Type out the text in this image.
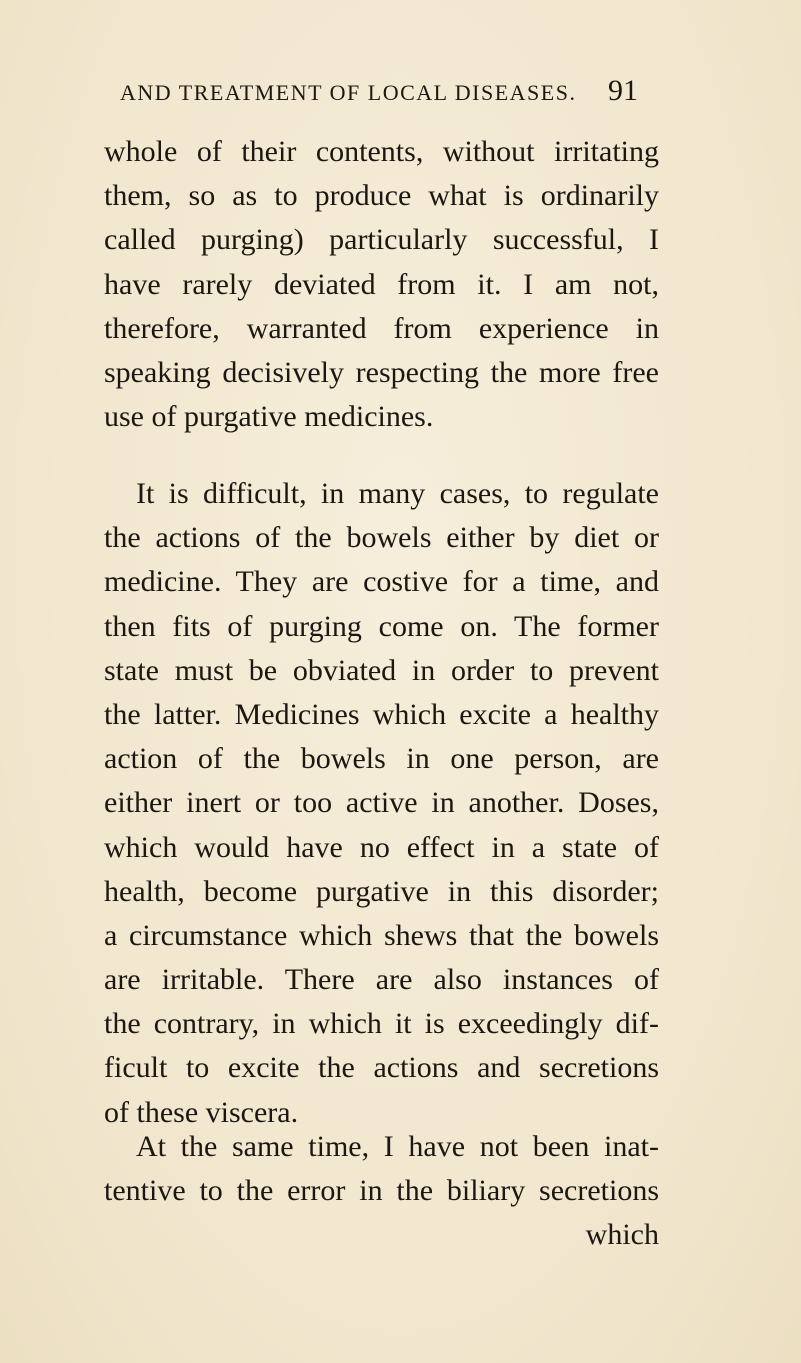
AND TREATMENT OF LOCAL DISEASES.	91
whole of their contents, without irritating
them, so as to produce what is ordinarily
called purging) particularly successful, I
have rarely deviated from it. I am not,
therefore, warranted from experience in
speaking decisively respecting the more free
use of purgative medicines.
It is difficult, in many cases, to regulate
the actions of the bowels either by diet or
medicine. They are costive for a time, and
then fits of purging come on. The former
state must be obviated in order to prevent
the latter. Medicines which excite a healthy
action of the bowels in one person, are
either inert or too active in another. Doses,
which would have no effect in a state of
health, become purgative in this disorder;
a circumstance which shews that the bowels
are irritable. There are also instances of
the contrary, in which it is exceedingly dif-
ficult to excite the actions and secretions
of these viscera.
At the same time, I have not been inat-
tentive to the error in the biliary secretions
which
